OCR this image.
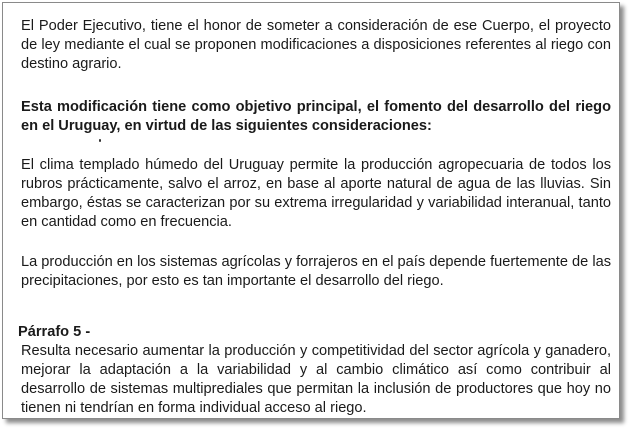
El Poder Ejecutivo, tiene el honor de someter a consideración de ese Cuerpo, el proyecto de ley mediante el cual se proponen modificaciones a disposiciones referentes al riego con destino agrario.

Esta modificación tiene como objetivo principal, el fomento del desarrollo del riego en el Uruguay, en virtud de las siguientes consideraciones:

El clima templado húmedo del Uruguay permite la producción agropecuaria de todos los rubros prácticamente, salvo el arroz, en base al aporte natural de agua de las lluvias. Sin embargo, éstas se caracterizan por su extrema irregularidad y variabilidad interanual, tanto en cantidad como en frecuencia.

La producción en los sistemas agrícolas y forrajeros en el país depende fuertemente de las precipitaciones, por esto es tan importante el desarrollo del riego.

Párrafo 5 -

Resulta necesario aumentar la producción y competitividad del sector agrícola y ganadero, mejorar la adaptación a la variabilidad y al cambio climático así como contribuir al desarrollo de sistemas multiprediales que permitan la inclusión de productores que hoy no tienen ni tendrían en forma individual acceso al riego.
